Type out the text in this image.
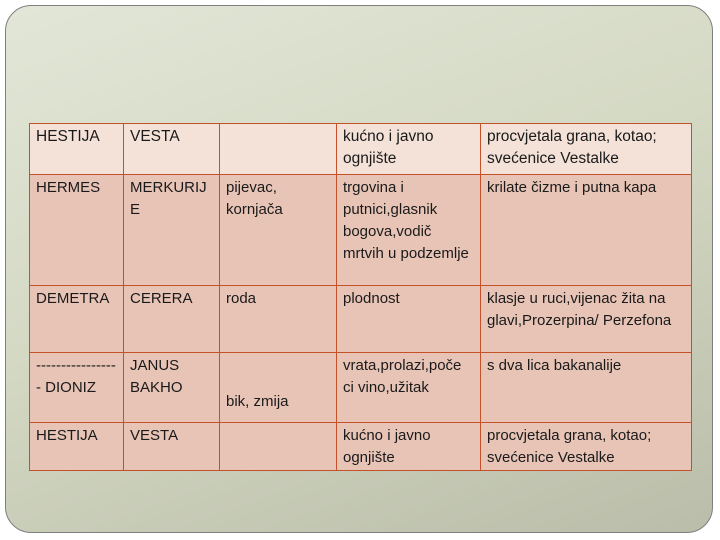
HESTIJA	VESTA		kućno i javno ognjište	procvjetala grana, kotao; svećenice Vestalke
HERMES	MERKURIJ E	pijevac, kornjača	trgovina i putnici,glasnik bogova,vodič mrtvih u podzemlje	krilate čizme i putna kapa
DEMETRA	CERERA	roda	plodnost	klasje u ruci,vijenac žita na glavi,Prozerpina/ Perzefona
----------------- DIONIZ	JANUS BAKHO	bik, zmija	vrata,prolazi,poče ci vino,užitak	s dva lica bakanalije
HESTIJA	VESTA		kućno i javno ognjište	procvjetala grana, kotao; svećenice Vestalke
